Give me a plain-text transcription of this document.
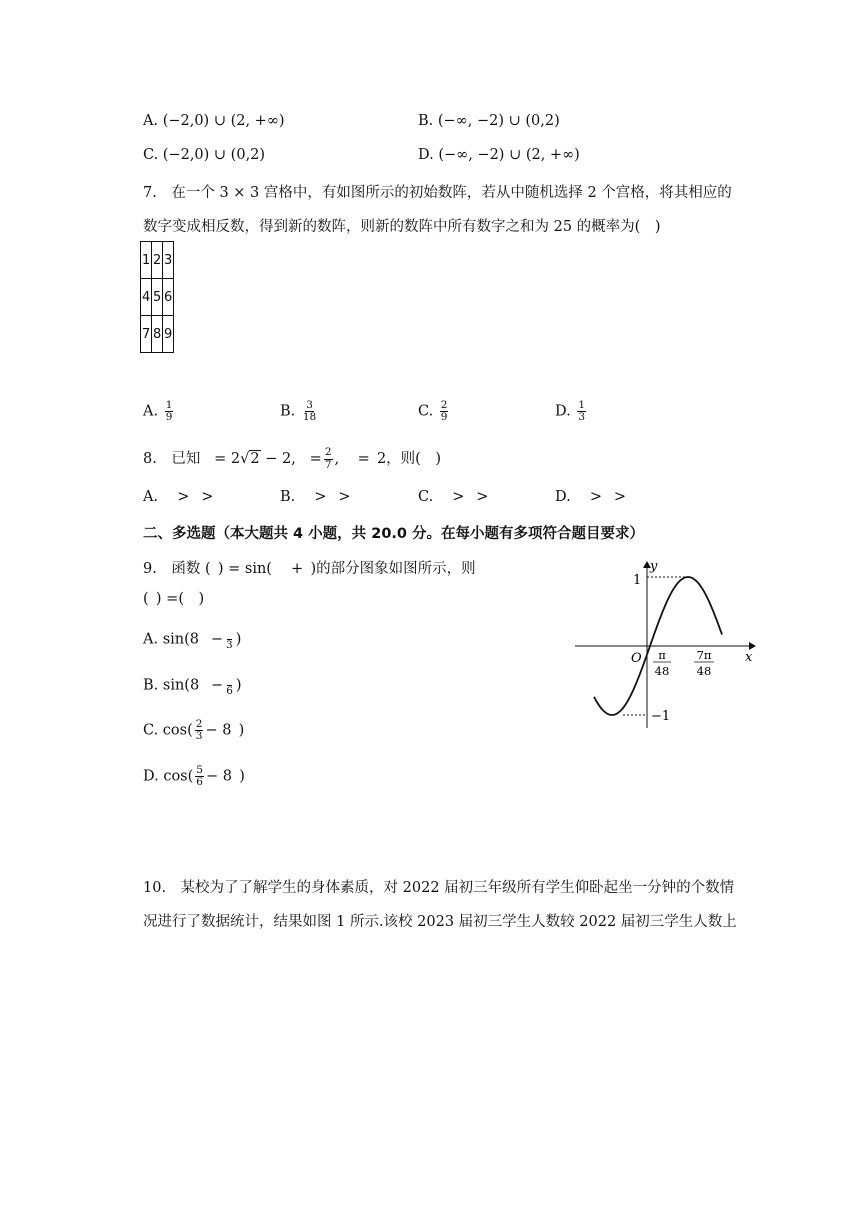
A. (−2,0) ∪ (2, +∞)	B. (−∞, −2) ∪ (0,2)
C. (−2,0) ∪ (0,2)	D. (−∞, −2) ∪ (2, +∞)
7. 在一个 3 × 3 宫格中，有如图所示的初始数阵，若从中随机选择 2 个宫格，将其相应的
数字变成相反数，得到新的数阵，则新的数阵中所有数字之和为 25 的概率为( )
1	2	3
4	5	6
7	8	9
A. $\frac{1}{9}$	B. $\frac{3}{18}$	C. $\frac{2}{9}$	D. $\frac{1}{3}$
8. 已知 = 2√2 − 2, = $\frac{2}{7}$ , = 2，则( )
A.  >  >	B.  >  >	C.  >  >	D.  >  >
二、多选题（本大题共 4 小题，共 20.0 分。在每小题有多项符合题目要求）
9. 函数 ( ) = sin(  + )的部分图象如图所示，则
( ) =( )
A. sin(8  −
3 )
B. sin(8  −
6 )
C. $\cos( \frac{2}{3} - 8$ )
D. $\cos( \frac{5}{6} - 8$ )
y
x
O
1
−1
π
48
7π
48
10. 某校为了了解学生的身体素质，对 2022 届初三年级所有学生仰卧起坐一分钟的个数情
况进行了数据统计，结果如图 1 所示.该校 2023 届初三学生人数较 2022 届初三学生人数上
